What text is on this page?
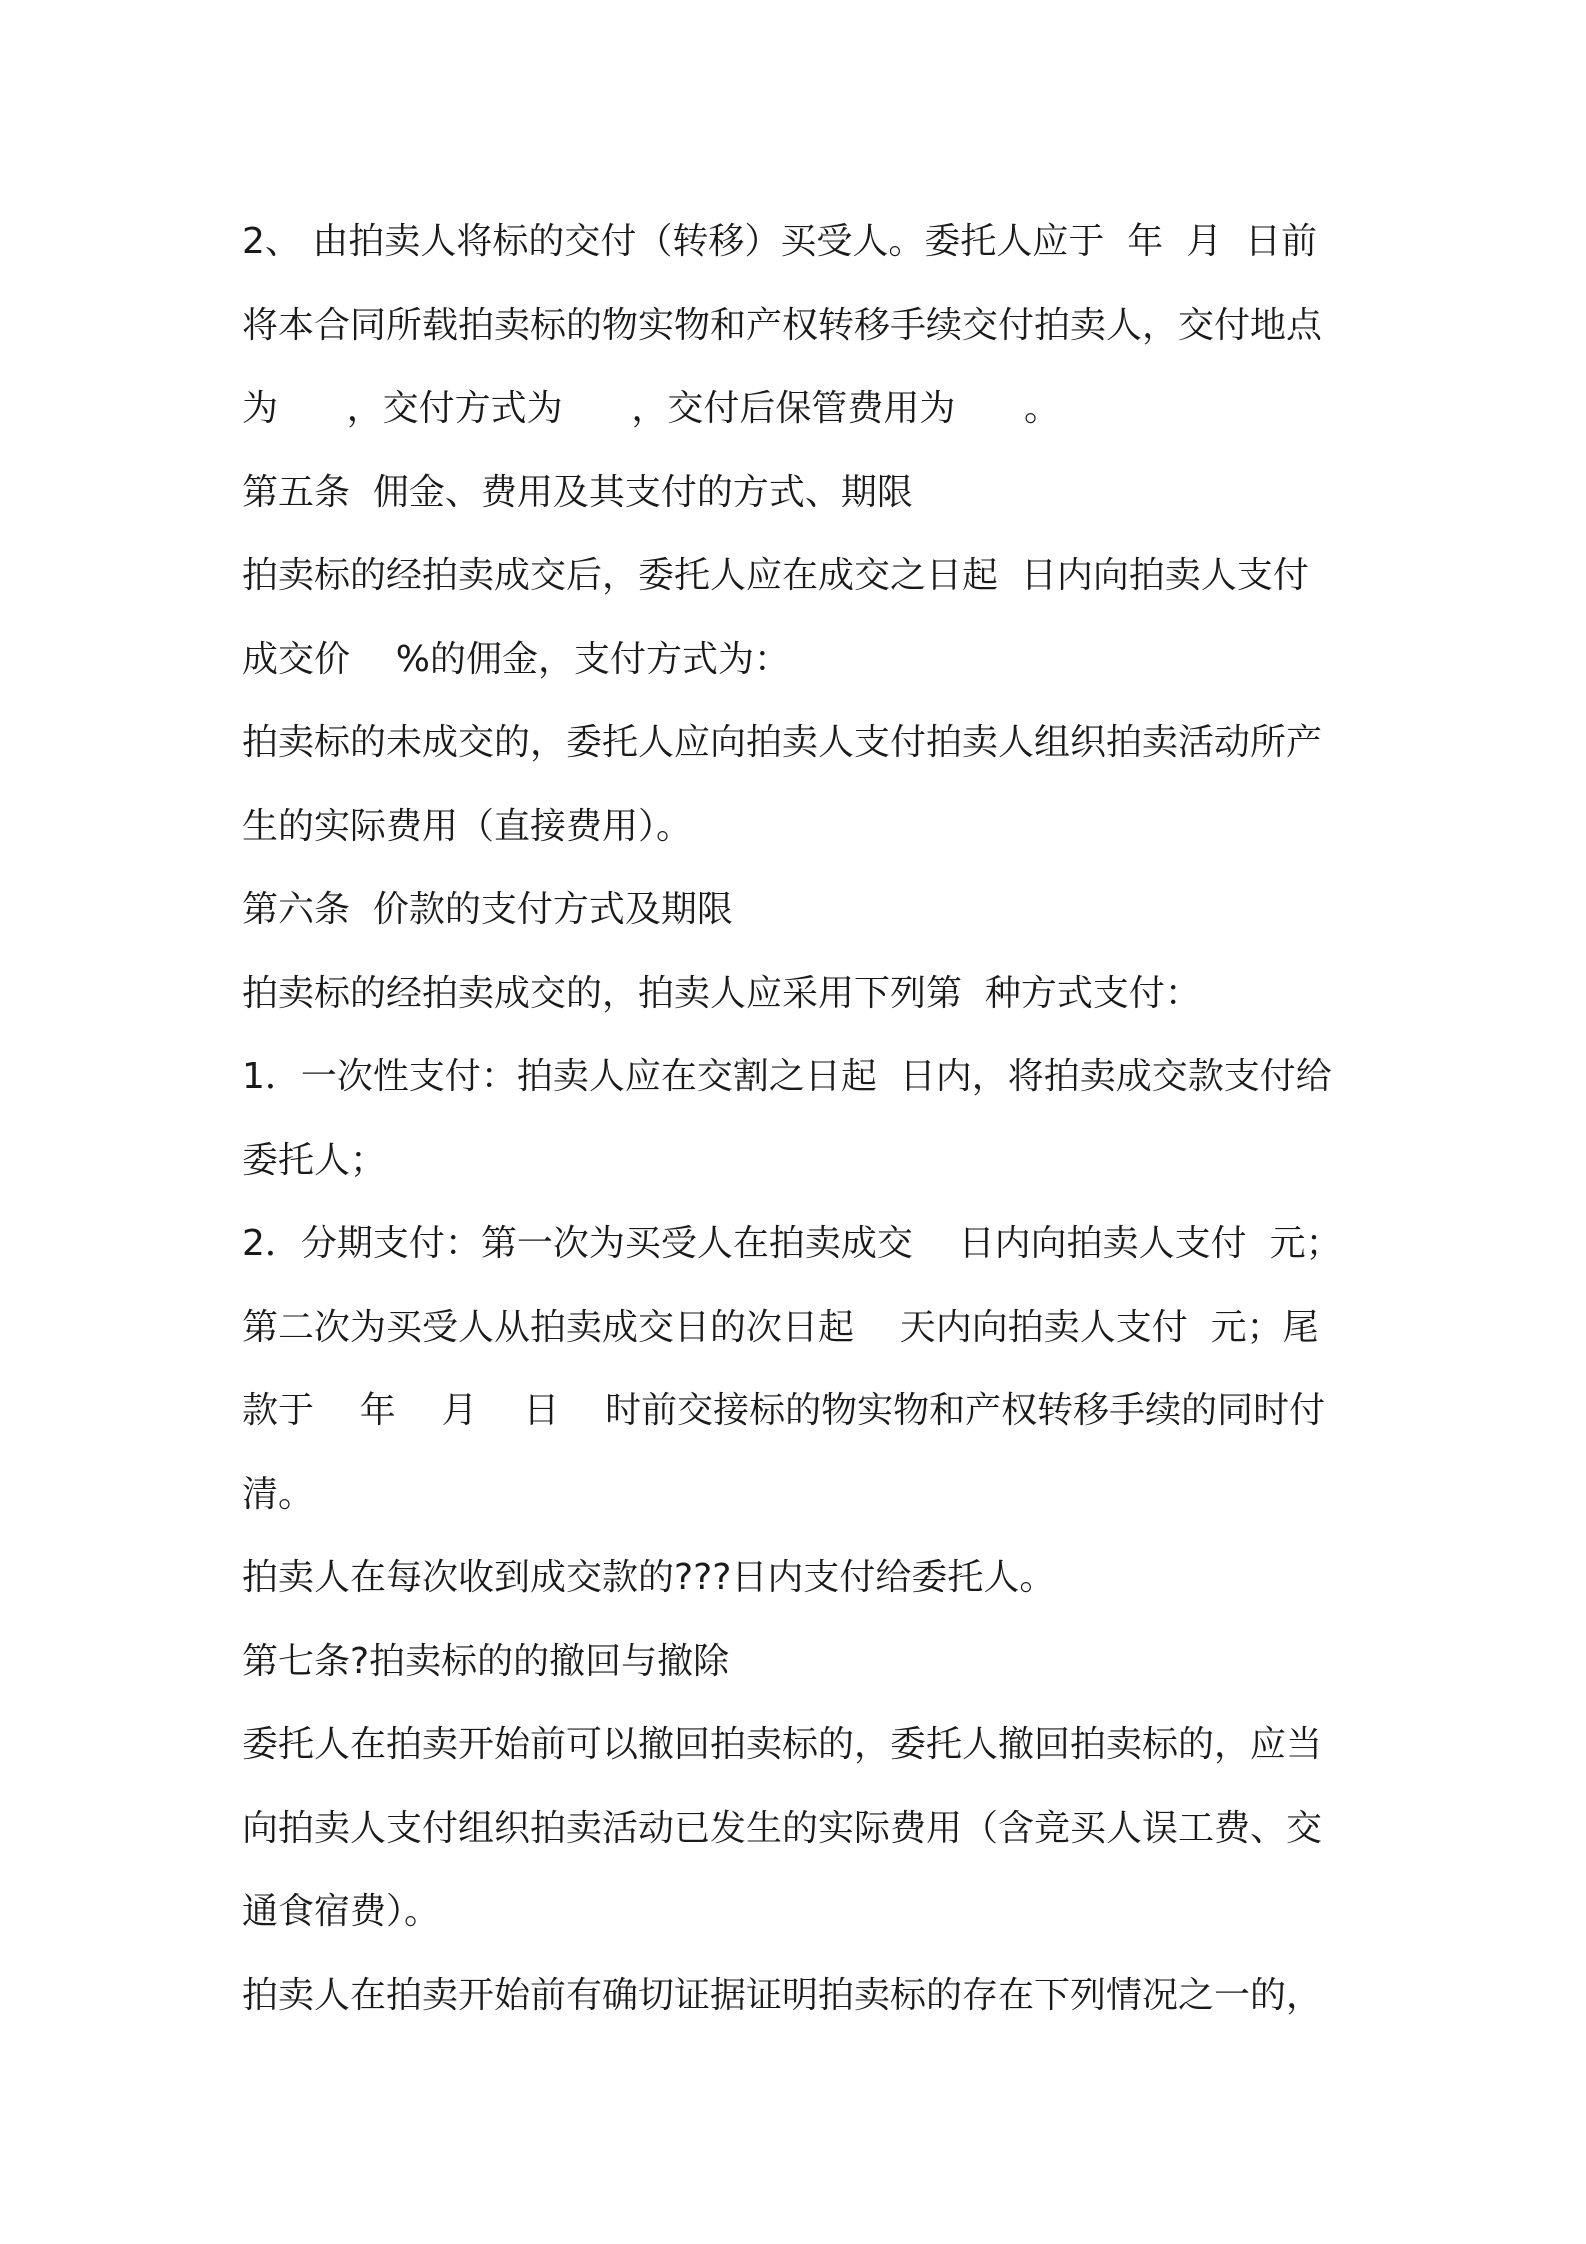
2、 由拍卖人将标的交付（转移）买受人。委托人应于  年  月  日前
将本合同所载拍卖标的物实物和产权转移手续交付拍卖人，交付地点
为      ，交付方式为      ，交付后保管费用为      。
第五条  佣金、费用及其支付的方式、期限
拍卖标的经拍卖成交后，委托人应在成交之日起  日内向拍卖人支付
成交价    %的佣金，支付方式为：
拍卖标的未成交的，委托人应向拍卖人支付拍卖人组织拍卖活动所产
生的实际费用（直接费用）。
第六条  价款的支付方式及期限
拍卖标的经拍卖成交的，拍卖人应采用下列第  种方式支付：
1．一次性支付：拍卖人应在交割之日起  日内，将拍卖成交款支付给
委托人；
2．分期支付：第一次为买受人在拍卖成交    日内向拍卖人支付  元；
第二次为买受人从拍卖成交日的次日起    天内向拍卖人支付  元；尾
款于    年    月    日    时前交接标的物实物和产权转移手续的同时付
清。
拍卖人在每次收到成交款的???日内支付给委托人。
第七条?拍卖标的的撤回与撤除
委托人在拍卖开始前可以撤回拍卖标的，委托人撤回拍卖标的，应当
向拍卖人支付组织拍卖活动已发生的实际费用（含竞买人误工费、交
通食宿费）。
拍卖人在拍卖开始前有确切证据证明拍卖标的存在下列情况之一的，
